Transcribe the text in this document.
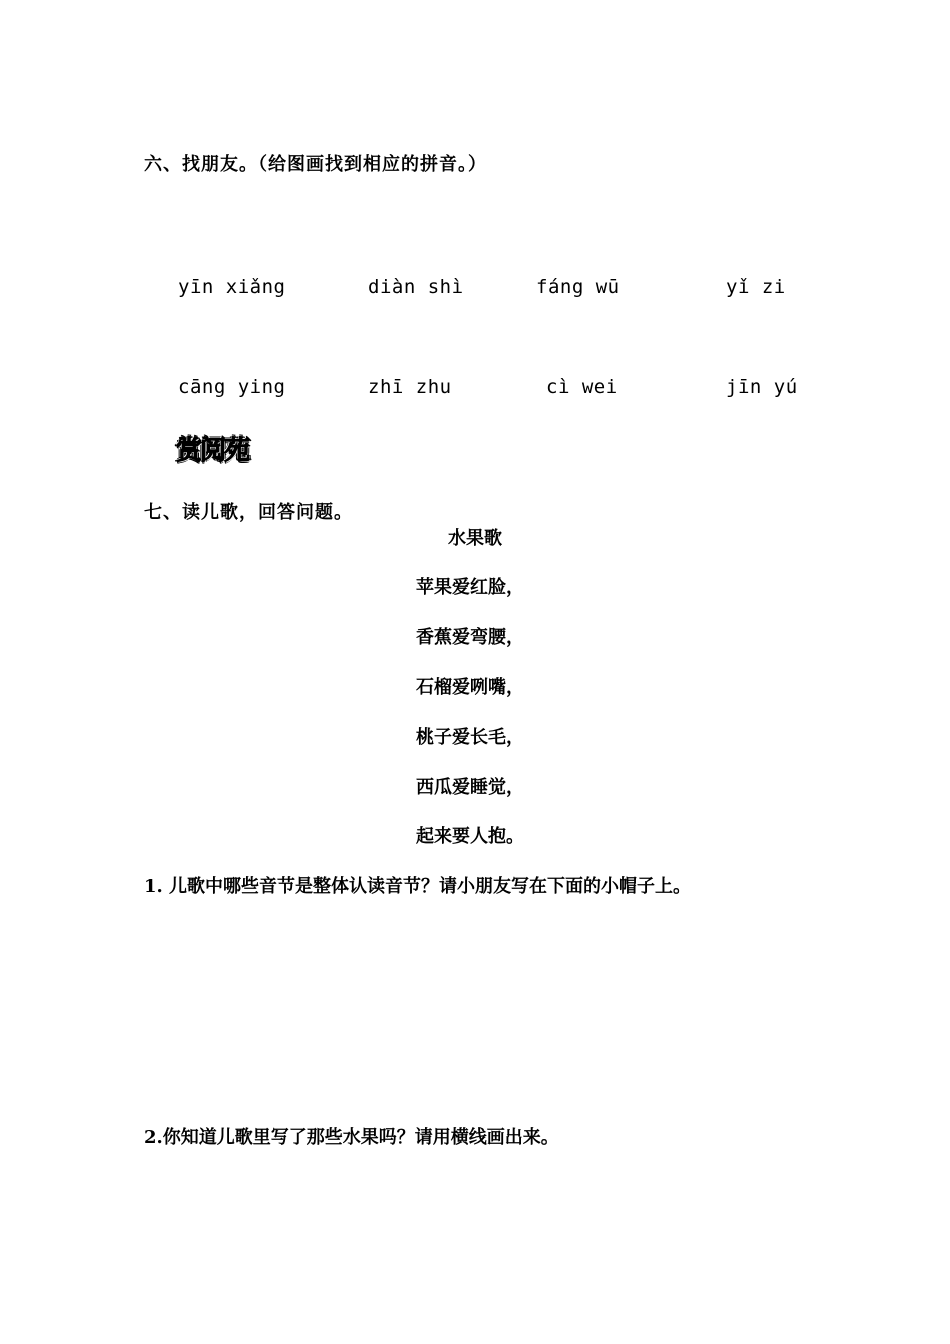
六、找朋友。（给图画找到相应的拼音。）
yīn xiǎng	diàn shì	fáng wū	yǐ zi
cāng ying	zhī zhu	cì wei	jīn yú
赏阅苑
七、读儿歌，回答问题。
水果歌
苹果爱红脸，
香蕉爱弯腰，
石榴爱咧嘴，
桃子爱长毛，
西瓜爱睡觉，
起来要人抱。
1. 儿歌中哪些音节是整体认读音节？请小朋友写在下面的小帽子上。
2.你知道儿歌里写了那些水果吗？请用横线画出来。
